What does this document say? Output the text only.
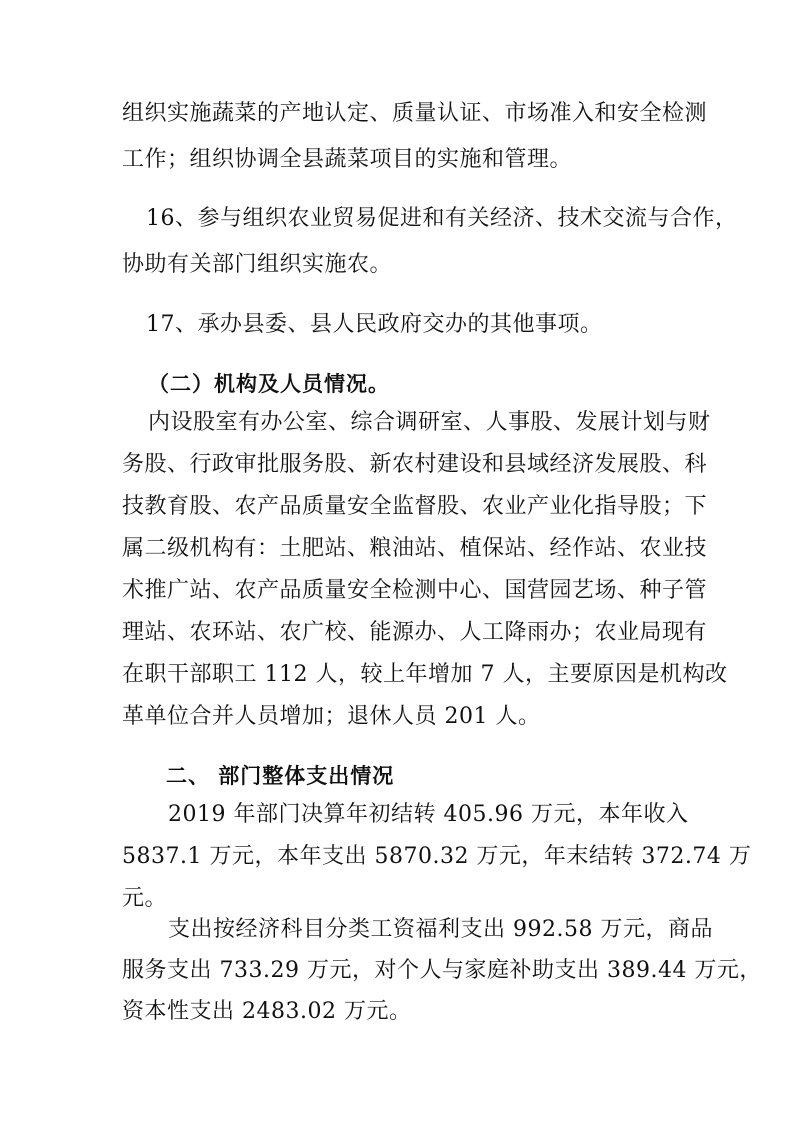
组织实施蔬菜的产地认定、质量认证、市场准入和安全检测
工作；组织协调全县蔬菜项目的实施和管理。
16、参与组织农业贸易促进和有关经济、技术交流与合作，
协助有关部门组织实施农。
17、承办县委、县人民政府交办的其他事项。
（二）机构及人员情况。
内设股室有办公室、综合调研室、人事股、发展计划与财
务股、行政审批服务股、新农村建设和县域经济发展股、科
技教育股、农产品质量安全监督股、农业产业化指导股；下
属二级机构有：土肥站、粮油站、植保站、经作站、农业技
术推广站、农产品质量安全检测中心、国营园艺场、种子管
理站、农环站、农广校、能源办、人工降雨办；农业局现有
在职干部职工 112 人，较上年增加 7 人，主要原因是机构改
革单位合并人员增加；退休人员 201 人。
二、 部门整体支出情况
2019 年部门决算年初结转 405.96 万元，本年收入
5837.1 万元，本年支出 5870.32 万元，年末结转 372.74 万
元。
支出按经济科目分类工资福利支出 992.58 万元，商品
服务支出 733.29 万元，对个人与家庭补助支出 389.44 万元，
资本性支出 2483.02 万元。
